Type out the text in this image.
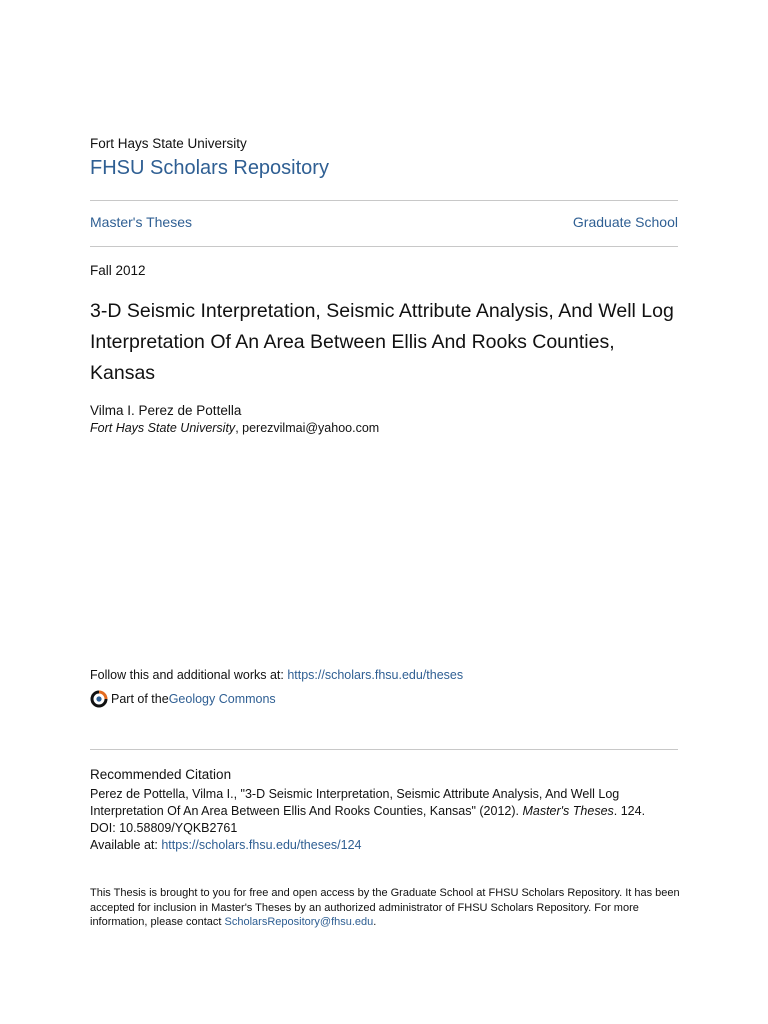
Fort Hays State University
FHSU Scholars Repository
Master's Theses	Graduate School
Fall 2012
3-D Seismic Interpretation, Seismic Attribute Analysis, And Well Log Interpretation Of An Area Between Ellis And Rooks Counties, Kansas
Vilma I. Perez de Pottella
Fort Hays State University, perezvilmai@yahoo.com
Follow this and additional works at: https://scholars.fhsu.edu/theses
Part of the Geology Commons
Recommended Citation
Perez de Pottella, Vilma I., "3-D Seismic Interpretation, Seismic Attribute Analysis, And Well Log Interpretation Of An Area Between Ellis And Rooks Counties, Kansas" (2012). Master's Theses. 124.
DOI: 10.58809/YQKB2761
Available at: https://scholars.fhsu.edu/theses/124
This Thesis is brought to you for free and open access by the Graduate School at FHSU Scholars Repository. It has been accepted for inclusion in Master's Theses by an authorized administrator of FHSU Scholars Repository. For more information, please contact ScholarsRepository@fhsu.edu.
